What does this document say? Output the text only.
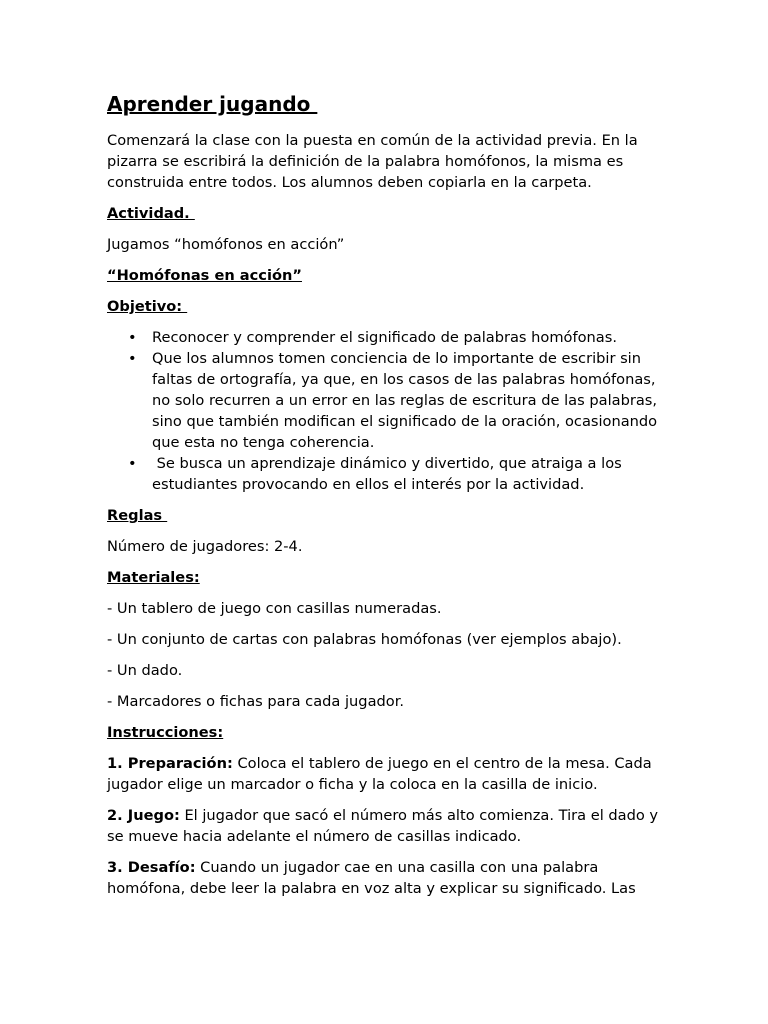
Aprender jugando

Comenzará la clase con la puesta en común de la actividad previa. En la pizarra se escribirá la definición de la palabra homófonos, la misma es construida entre todos. Los alumnos deben copiarla en la carpeta.

Actividad.

Jugamos “homófonos en acción”

“Homófonas en acción”

Objetivo:

• Reconocer y comprender el significado de palabras homófonas.
• Que los alumnos tomen conciencia de lo importante de escribir sin faltas de ortografía, ya que, en los casos de las palabras homófonas, no solo recurren a un error en las reglas de escritura de las palabras, sino que también modifican el significado de la oración, ocasionando que esta no tenga coherencia.
• Se busca un aprendizaje dinámico y divertido, que atraiga a los estudiantes provocando en ellos el interés por la actividad.

Reglas

Número de jugadores: 2-4.

Materiales:

- Un tablero de juego con casillas numeradas.

- Un conjunto de cartas con palabras homófonas (ver ejemplos abajo).

- Un dado.

- Marcadores o fichas para cada jugador.

Instrucciones:

1. Preparación: Coloca el tablero de juego en el centro de la mesa. Cada jugador elige un marcador o ficha y la coloca en la casilla de inicio.

2. Juego: El jugador que sacó el número más alto comienza. Tira el dado y se mueve hacia adelante el número de casillas indicado.

3. Desafío: Cuando un jugador cae en una casilla con una palabra homófona, debe leer la palabra en voz alta y explicar su significado. Las
